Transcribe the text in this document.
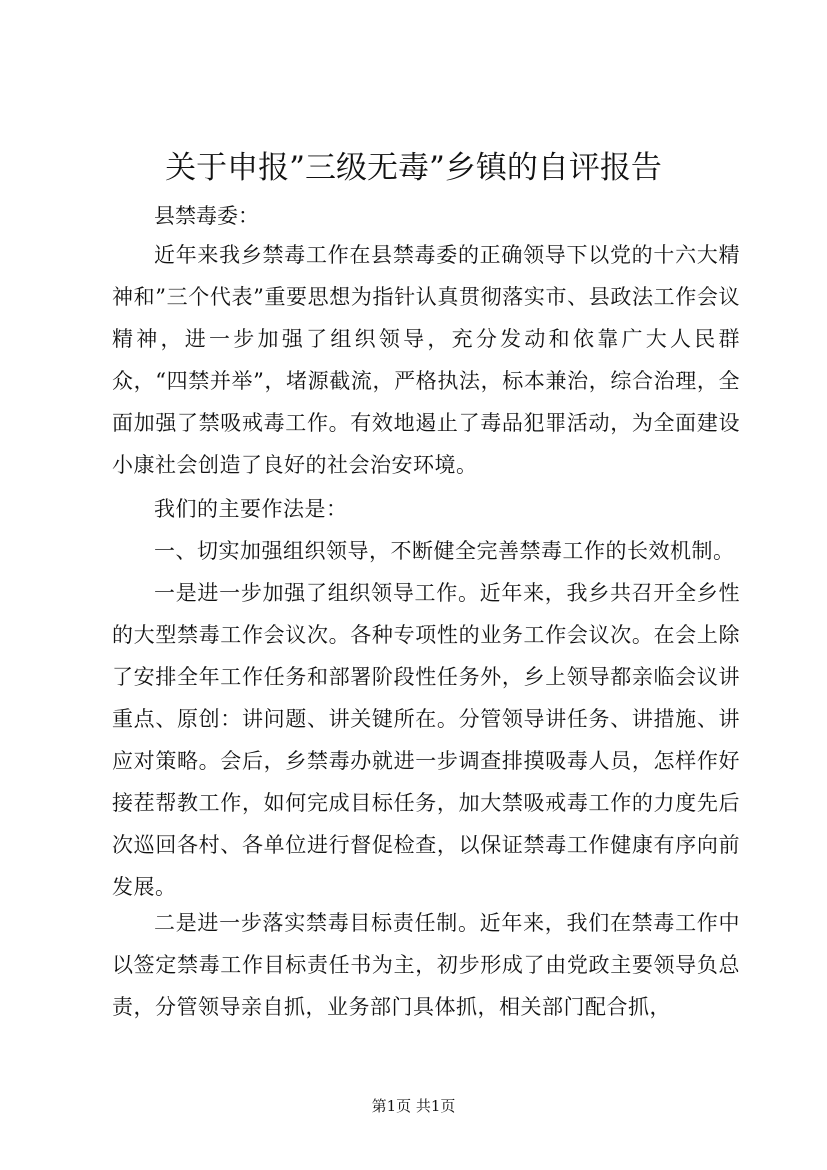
关于申报”三级无毒”乡镇的自评报告

县禁毒委：

近年来我乡禁毒工作在县禁毒委的正确领导下以党的十六大精神和”三个代表”重要思想为指针认真贯彻落实市、县政法工作会议精神，进一步加强了组织领导，充分发动和依靠广大人民群众，“四禁并举”，堵源截流，严格执法，标本兼治，综合治理，全面加强了禁吸戒毒工作。有效地遏止了毒品犯罪活动，为全面建设小康社会创造了良好的社会治安环境。

我们的主要作法是：

一、切实加强组织领导，不断健全完善禁毒工作的长效机制。

一是进一步加强了组织领导工作。近年来，我乡共召开全乡性的大型禁毒工作会议次。各种专项性的业务工作会议次。在会上除了安排全年工作任务和部署阶段性任务外，乡上领导都亲临会议讲重点、原创：讲问题、讲关键所在。分管领导讲任务、讲措施、讲应对策略。会后，乡禁毒办就进一步调查排摸吸毒人员，怎样作好接茬帮教工作，如何完成目标任务，加大禁吸戒毒工作的力度先后次巡回各村、各单位进行督促检查，以保证禁毒工作健康有序向前发展。

二是进一步落实禁毒目标责任制。近年来，我们在禁毒工作中以签定禁毒工作目标责任书为主，初步形成了由党政主要领导负总责，分管领导亲自抓，业务部门具体抓，相关部门配合抓，

第1页 共1页
